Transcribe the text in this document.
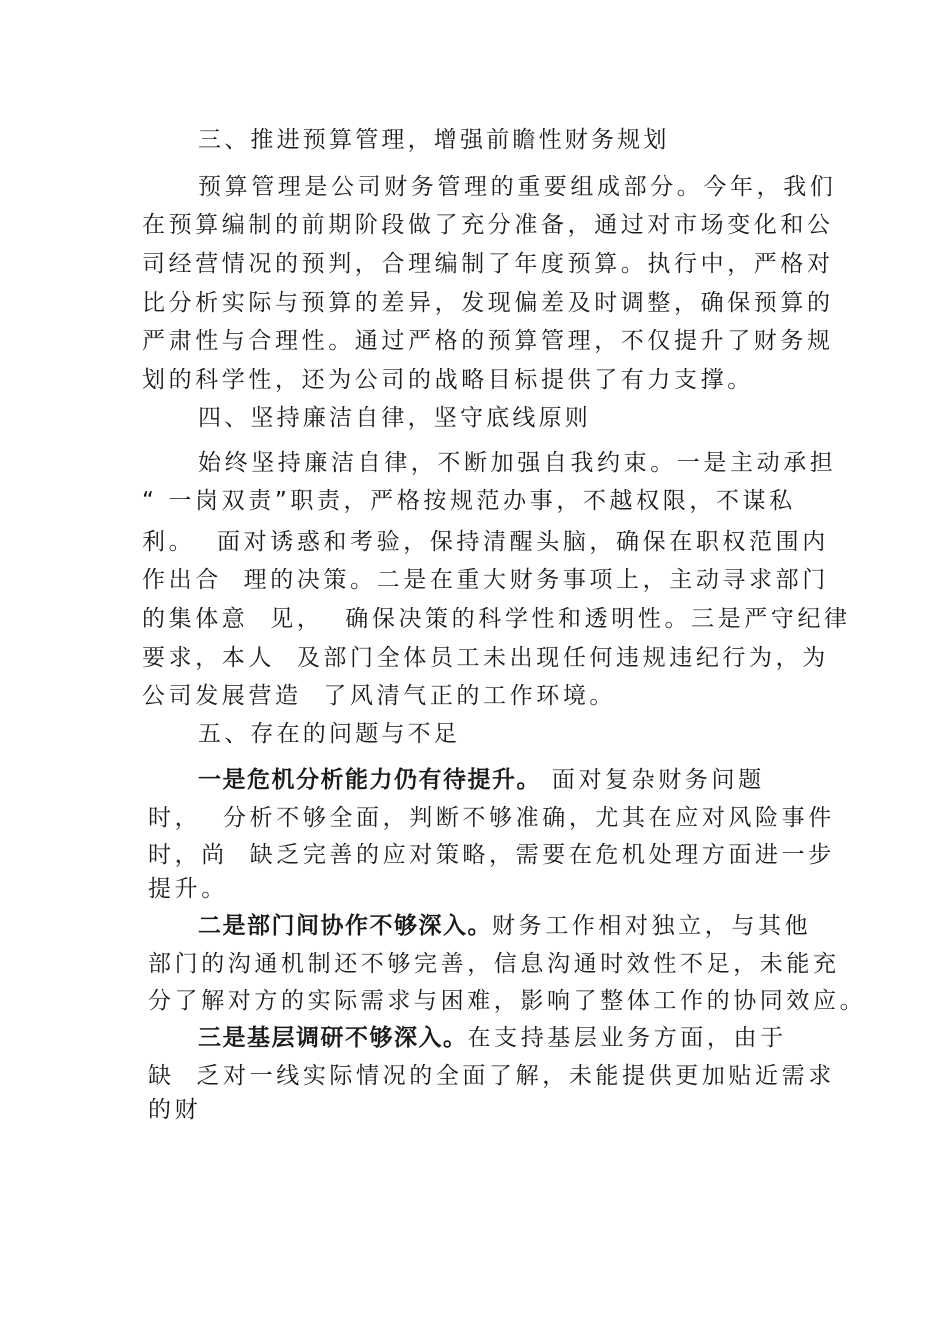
三、推进预算管理，增强前瞻性财务规划
预算管理是公司财务管理的重要组成部分。今年，我们
在预算编制的前期阶段做了充分准备，通过对市场变化和公
司经营情况的预判，合理编制了年度预算。执行中，严格对
比分析实际与预算的差异，发现偏差及时调整，确保预算的
严肃性与合理性。通过严格的预算管理，不仅提升了财务规
划的科学性，还为公司的战略目标提供了有力支撑。
四、坚持廉洁自律，坚守底线原则
始终坚持廉洁自律，不断加强自我约束。一是主动承担
“ 一岗双责”职责，严格按规范办事，不越权限，不谋私
利。  面对诱惑和考验，保持清醒头脑，确保在职权范围内
作出合  理的决策。二是在重大财务事项上，主动寻求部门
的集体意  见，  确保决策的科学性和透明性。三是严守纪律
要求，本人  及部门全体员工未出现任何违规违纪行为，为
公司发展营造  了风清气正的工作环境。
五、存在的问题与不足
一是危机分析能力仍有待提升。 面对复杂财务问题
时，  分析不够全面，判断不够准确，尤其在应对风险事件
时，尚  缺乏完善的应对策略，需要在危机处理方面进一步
提升。
二是部门间协作不够深入。财务工作相对独立，与其他
部门的沟通机制还不够完善，信息沟通时效性不足，未能充
分了解对方的实际需求与困难，影响了整体工作的协同效应。
三是基层调研不够深入。在支持基层业务方面，由于
缺  乏对一线实际情况的全面了解，未能提供更加贴近需求
的财
